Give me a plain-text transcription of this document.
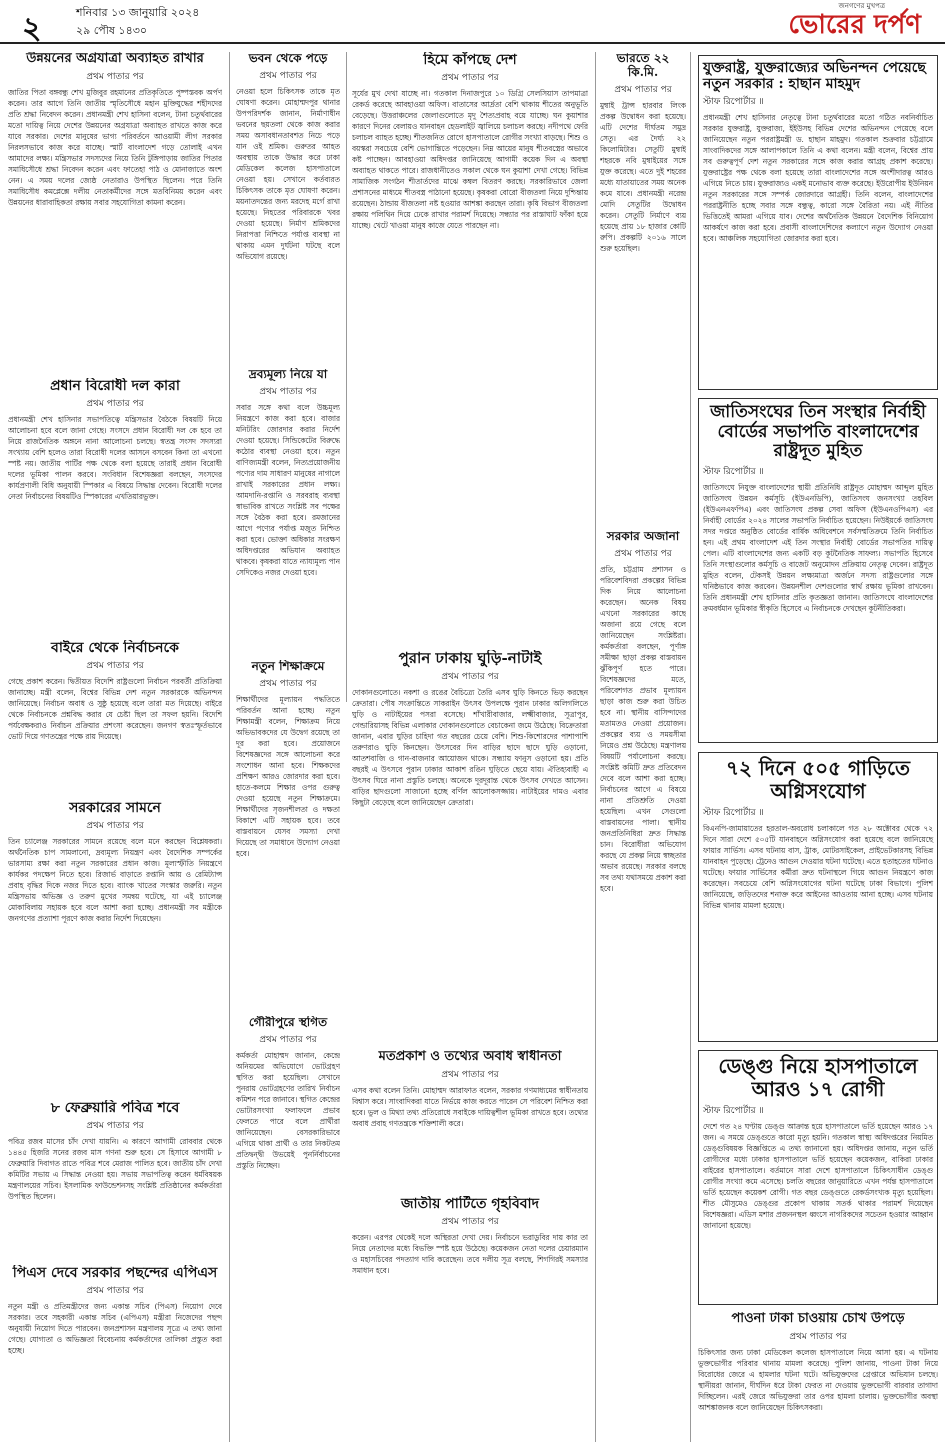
২	শনিবার ১৩ জানুয়ারি ২০২৪
২৯ পৌষ ১৪৩০
জনগণের মুখপত্র
ভোরের দর্পণ
উন্নয়নের অগ্রযাত্রা অব্যাহত রাখার
প্রথম পাতার পর
জাতির পিতা বঙ্গবন্ধু শেখ মুজিবুর রহমানের প্রতিকৃতিতে পুষ্পস্তবক অর্পণ করেন। তার আগে তিনি জাতীয় স্মৃতিসৌধে মহান মুক্তিযুদ্ধের শহীদদের প্রতি শ্রদ্ধা নিবেদন করেন। প্রধানমন্ত্রী শেখ হাসিনা বলেন, টানা চতুর্থবারের মতো দায়িত্ব নিয়ে দেশের উন্নয়নের অগ্রযাত্রা অব্যাহত রাখতে কাজ করে যাবে সরকার। দেশের মানুষের ভাগ্য পরিবর্তনে আওয়ামী লীগ সরকার নিরলসভাবে কাজ করে যাচ্ছে। স্মার্ট বাংলাদেশ গড়ে তোলাই এখন আমাদের লক্ষ্য। মন্ত্রিসভার সদস্যদের নিয়ে তিনি টুঙ্গিপাড়ায় জাতির পিতার সমাধিসৌধে শ্রদ্ধা নিবেদন করেন এবং ফাতেহা পাঠ ও মোনাজাতে অংশ নেন। এ সময় দলের জ্যেষ্ঠ নেতারাও উপস্থিত ছিলেন। পরে তিনি সমাধিসৌধ কমপ্লেক্সে দলীয় নেতাকর্মীদের সঙ্গে মতবিনিময় করেন এবং উন্নয়নের ধারাবাহিকতা রক্ষায় সবার সহযোগিতা কামনা করেন।
প্রধান বিরোধী দল কারা
প্রথম পাতার পর
প্রধানমন্ত্রী শেখ হাসিনার সভাপতিত্বে মন্ত্রিসভার বৈঠকে বিষয়টি নিয়ে আলোচনা হবে বলে জানা গেছে। সংসদে প্রধান বিরোধী দল কে হবে তা নিয়ে রাজনৈতিক অঙ্গনে নানা আলোচনা চলছে। স্বতন্ত্র সংসদ সদস্যরা সংখ্যায় বেশি হলেও তারা বিরোধী দলের আসনে বসবেন কিনা তা এখনো স্পষ্ট নয়। জাতীয় পার্টির পক্ষ থেকে বলা হয়েছে তারাই প্রধান বিরোধী দলের ভূমিকা পালন করবে। সংবিধান বিশেষজ্ঞরা বলছেন, সংসদের কার্যপ্রণালী বিধি অনুযায়ী স্পিকার এ বিষয়ে সিদ্ধান্ত দেবেন। বিরোধী দলের নেতা নির্বাচনের বিষয়টিও স্পিকারের এখতিয়ারভুক্ত।
বাইরে থেকে নির্বাচনকে
প্রথম পাতার পর
গেছে প্রকাশ করেন। দ্বিতীয়ত বিদেশি রাষ্ট্রগুলো নির্বাচন পরবর্তী প্রতিক্রিয়া জানাচ্ছে। মন্ত্রী বলেন, বিশ্বের বিভিন্ন দেশ নতুন সরকারকে অভিনন্দন জানিয়েছে। নির্বাচন অবাধ ও সুষ্ঠু হয়েছে বলে তারা মত দিয়েছে। বাইরে থেকে নির্বাচনকে প্রশ্নবিদ্ধ করার যে চেষ্টা ছিল তা সফল হয়নি। বিদেশি পর্যবেক্ষকরাও নির্বাচন প্রক্রিয়ার প্রশংসা করেছেন। জনগণ স্বতঃস্ফূর্তভাবে ভোট দিয়ে গণতন্ত্রের পক্ষে রায় দিয়েছে।
সরকারের সামনে
প্রথম পাতার পর
তিন চ্যালেঞ্জ সরকারের সামনে রয়েছে বলে মনে করছেন বিশ্লেষকরা। অর্থনৈতিক চাপ সামলানো, দ্রব্যমূল্য নিয়ন্ত্রণ এবং বৈদেশিক সম্পর্কের ভারসাম্য রক্ষা করা নতুন সরকারের প্রধান কাজ। মূল্যস্ফীতি নিয়ন্ত্রণে কার্যকর পদক্ষেপ নিতে হবে। রিজার্ভ বাড়াতে রপ্তানি আয় ও রেমিট্যান্স প্রবাহ বৃদ্ধির দিকে নজর দিতে হবে। ব্যাংক খাতের সংস্কার জরুরি। নতুন মন্ত্রিসভায় অভিজ্ঞ ও তরুণ মুখের সমন্বয় ঘটেছে, যা এই চ্যালেঞ্জ মোকাবিলায় সহায়ক হবে বলে আশা করা হচ্ছে। প্রধানমন্ত্রী সব মন্ত্রীকে জনগণের প্রত্যাশা পূরণে কাজ করার নির্দেশ দিয়েছেন।
৮ ফেব্রুয়ারি পবিত্র শবে
প্রথম পাতার পর
পবিত্র রজব মাসের চাঁদ দেখা যায়নি। এ কারণে আগামী রোববার থেকে ১৪৪৫ হিজরি সনের রজব মাস গণনা শুরু হবে। সে হিসাবে আগামী ৮ ফেব্রুয়ারি দিবাগত রাতে পবিত্র শবে মেরাজ পালিত হবে। জাতীয় চাঁদ দেখা কমিটির সভায় এ সিদ্ধান্ত নেওয়া হয়। সভায় সভাপতিত্ব করেন ধর্মবিষয়ক মন্ত্রণালয়ের সচিব। ইসলামিক ফাউন্ডেশনসহ সংশ্লিষ্ট প্রতিষ্ঠানের কর্মকর্তারা উপস্থিত ছিলেন।
পিএস দেবে সরকার পছন্দের এপিএস
প্রথম পাতার পর
নতুন মন্ত্রী ও প্রতিমন্ত্রীদের জন্য একান্ত সচিব (পিএস) নিয়োগ দেবে সরকার। তবে সহকারী একান্ত সচিব (এপিএস) মন্ত্রীরা নিজেদের পছন্দ অনুযায়ী নিয়োগ দিতে পারবেন। জনপ্রশাসন মন্ত্রণালয় সূত্রে এ তথ্য জানা গেছে। যোগ্যতা ও অভিজ্ঞতা বিবেচনায় কর্মকর্তাদের তালিকা প্রস্তুত করা হচ্ছে।
ভবন থেকে পড়ে
প্রথম পাতার পর
নেওয়া হলে চিকিৎসক তাকে মৃত ঘোষণা করেন। মোহাম্মদপুর থানার উপপরিদর্শক জানান, নির্মাণাধীন ভবনের ছয়তলা থেকে কাজ করার সময় অসাবধানতাবশত নিচে পড়ে যান ওই শ্রমিক। গুরুতর আহত অবস্থায় তাকে উদ্ধার করে ঢাকা মেডিকেল কলেজ হাসপাতালে নেওয়া হয়। সেখানে কর্তব্যরত চিকিৎসক তাকে মৃত ঘোষণা করেন। ময়নাতদন্তের জন্য মরদেহ মর্গে রাখা হয়েছে। নিহতের পরিবারকে খবর দেওয়া হয়েছে। নির্মাণ শ্রমিকদের নিরাপত্তা নিশ্চিতে পর্যাপ্ত ব্যবস্থা না থাকায় এমন দুর্ঘটনা ঘটছে বলে অভিযোগ রয়েছে।
দ্রব্যমূল্য নিয়ে যা
প্রথম পাতার পর
সবার সঙ্গে কথা বলে উচ্চমূল্য নিয়ন্ত্রণে কাজ করা হবে। বাজার মনিটরিং জোরদার করার নির্দেশ দেওয়া হয়েছে। সিন্ডিকেটের বিরুদ্ধে কঠোর ব্যবস্থা নেওয়া হবে। নতুন বাণিজ্যমন্ত্রী বলেন, নিত্যপ্রয়োজনীয় পণ্যের দাম সাধারণ মানুষের নাগালে রাখাই সরকারের প্রধান লক্ষ্য। আমদানি-রপ্তানি ও সরবরাহ ব্যবস্থা স্বাভাবিক রাখতে সংশ্লিষ্ট সব পক্ষের সঙ্গে বৈঠক করা হবে। রমজানের আগে পণ্যের পর্যাপ্ত মজুত নিশ্চিত করা হবে। ভোক্তা অধিকার সংরক্ষণ অধিদপ্তরের অভিযান অব্যাহত থাকবে। কৃষকরা যাতে ন্যায্যমূল্য পান সেদিকেও নজর দেওয়া হবে।
হিমে কাঁপছে দেশ
প্রথম পাতার পর
সূর্যের মুখ দেখা যাচ্ছে না। গতকাল দিনাজপুরে ১০ ডিগ্রি সেলসিয়াস তাপমাত্রা রেকর্ড করেছে আবহাওয়া অফিস। বাতাসের আর্দ্রতা বেশি থাকায় শীতের অনুভূতি বেড়েছে। উত্তরাঞ্চলের জেলাগুলোতে মৃদু শৈত্যপ্রবাহ বয়ে যাচ্ছে। ঘন কুয়াশার কারণে দিনের বেলায়ও যানবাহন হেডলাইট জ্বালিয়ে চলাচল করছে। নদীপথে ফেরি চলাচল ব্যাহত হচ্ছে। শীতজনিত রোগে হাসপাতালে রোগীর সংখ্যা বাড়ছে। শিশু ও বয়স্করা সবচেয়ে বেশি ভোগান্তিতে পড়েছেন। নিম্ন আয়ের মানুষ শীতবস্ত্রের অভাবে কষ্ট পাচ্ছেন। আবহাওয়া অধিদপ্তর জানিয়েছে আগামী কয়েক দিন এ অবস্থা অব্যাহত থাকতে পারে। রাজধানীতেও সকাল থেকে ঘন কুয়াশা দেখা গেছে। বিভিন্ন সামাজিক সংগঠন শীতার্তদের মাঝে কম্বল বিতরণ করছে। সরকারিভাবে জেলা প্রশাসনের মাধ্যমে শীতবস্ত্র পাঠানো হয়েছে। কৃষকরা বোরো বীজতলা নিয়ে দুশ্চিন্তায় রয়েছেন। ঠান্ডায় বীজতলা নষ্ট হওয়ার আশঙ্কা করছেন তারা। কৃষি বিভাগ বীজতলা রক্ষায় পলিথিন দিয়ে ঢেকে রাখার পরামর্শ দিয়েছে। সন্ধ্যার পর রাস্তাঘাট ফাঁকা হয়ে যাচ্ছে। খেটে খাওয়া মানুষ কাজে যেতে পারছেন না।
নতুন শিক্ষাক্রমে
প্রথম পাতার পর
শিক্ষার্থীদের মূল্যায়ন পদ্ধতিতে পরিবর্তন আনা হচ্ছে। নতুন শিক্ষামন্ত্রী বলেন, শিক্ষাক্রম নিয়ে অভিভাবকদের যে উদ্বেগ রয়েছে তা দূর করা হবে। প্রয়োজনে বিশেষজ্ঞদের সঙ্গে আলোচনা করে সংশোধন আনা হবে। শিক্ষকদের প্রশিক্ষণ আরও জোরদার করা হবে। হাতে-কলমে শিক্ষার ওপর গুরুত্ব দেওয়া হয়েছে নতুন শিক্ষাক্রমে। শিক্ষার্থীদের সৃজনশীলতা ও দক্ষতা বিকাশে এটি সহায়ক হবে। তবে বাস্তবায়নে যেসব সমস্যা দেখা দিয়েছে তা সমাধানে উদ্যোগ নেওয়া হবে।
গৌরীপুরে স্থগিত
প্রথম পাতার পর
কর্মকর্তা মোহাম্মদ জানান, কেন্দ্রে অনিয়মের অভিযোগে ভোটগ্রহণ স্থগিত করা হয়েছিল। সেখানে পুনরায় ভোটগ্রহণের তারিখ নির্বাচন কমিশন পরে জানাবে। স্থগিত কেন্দ্রের ভোটারসংখ্যা ফলাফলে প্রভাব ফেলতে পারে বলে প্রার্থীরা জানিয়েছেন। বেসরকারিভাবে এগিয়ে থাকা প্রার্থী ও তার নিকটতম প্রতিদ্বন্দ্বী উভয়েই পুনর্নির্বাচনের প্রস্তুতি নিচ্ছেন।
পুরান ঢাকায় ঘুড়ি-নাটাই
প্রথম পাতার পর
দোকানগুলোতে। নকশা ও রঙের বৈচিত্র্যে তৈরি এসব ঘুড়ি কিনতে ভিড় করছেন ক্রেতারা। পৌষ সংক্রান্তিতে সাকরাইন উৎসব উপলক্ষে পুরান ঢাকার অলিগলিতে ঘুড়ি ও নাটাইয়ের পসরা বসেছে। শাঁখারীবাজার, লক্ষ্মীবাজার, সূত্রাপুর, গেন্ডারিয়াসহ বিভিন্ন এলাকার দোকানগুলোতে বেচাকেনা জমে উঠেছে। বিক্রেতারা জানান, এবার ঘুড়ির চাহিদা গত বছরের চেয়ে বেশি। শিশু-কিশোরদের পাশাপাশি তরুণরাও ঘুড়ি কিনছেন। উৎসবের দিন বাড়ির ছাদে ছাদে ঘুড়ি ওড়ানো, আতশবাজি ও গান-বাজনার আয়োজন থাকে। সন্ধ্যায় ফানুস ওড়ানো হয়। প্রতি বছরই এ উৎসবে পুরান ঢাকার আকাশ রঙিন ঘুড়িতে ছেয়ে যায়। ঐতিহ্যবাহী এ উৎসব ঘিরে নানা প্রস্তুতি চলছে। অনেকে দূরদূরান্ত থেকে উৎসব দেখতে আসেন। বাড়ির ছাদগুলো সাজানো হচ্ছে বর্ণিল আলোকসজ্জায়। নাটাইয়ের দামও এবার কিছুটা বেড়েছে বলে জানিয়েছেন ক্রেতারা।
মতপ্রকাশ ও তথ্যের অবাধ স্বাধীনতা
প্রথম পাতার পর
এসব কথা বলেন তিনি। মোহাম্মদ আরাফাত বলেন, সরকার গণমাধ্যমের স্বাধীনতায় বিশ্বাস করে। সাংবাদিকরা যাতে নির্ভয়ে কাজ করতে পারেন সে পরিবেশ নিশ্চিত করা হবে। ভুল ও মিথ্যা তথ্য প্রতিরোধে সবাইকে দায়িত্বশীল ভূমিকা রাখতে হবে। তথ্যের অবাধ প্রবাহ গণতন্ত্রকে শক্তিশালী করে।
জাতীয় পার্টিতে গৃহবিবাদ
প্রথম পাতার পর
করেন। এরপর থেকেই দলে অস্থিরতা দেখা দেয়। নির্বাচনে ভরাডুবির দায় কার তা নিয়ে নেতাদের মধ্যে বিভক্তি স্পষ্ট হয়ে উঠেছে। কয়েকজন নেতা দলের চেয়ারম্যান ও মহাসচিবের পদত্যাগ দাবি করেছেন। তবে দলীয় সূত্র বলছে, শিগগিরই সমস্যার সমাধান হবে।
ভারতে ২২ কি.মি.
প্রথম পাতার পর
মুম্বাই ট্রান্স হারবার লিংক প্রকল্প উদ্বোধন করা হয়েছে। এটি দেশের দীর্ঘতম সমুদ্র সেতু। এর দৈর্ঘ্য ২২ কিলোমিটার। সেতুটি মুম্বাই শহরকে নবি মুম্বাইয়ের সঙ্গে যুক্ত করেছে। এতে দুই শহরের মধ্যে যাতায়াতের সময় অনেক কমে যাবে। প্রধানমন্ত্রী নরেন্দ্র মোদি সেতুটির উদ্বোধন করেন। সেতুটি নির্মাণে ব্যয় হয়েছে প্রায় ১৮ হাজার কোটি রুপি। প্রকল্পটি ২০১৬ সালে শুরু হয়েছিল।
সরকার অজানা
প্রথম পাতার পর
প্রতি, চট্টগ্রাম প্রশাসন ও পরিবেশবিদরা প্রকল্পের বিভিন্ন দিক নিয়ে আলোচনা করেছেন। অনেক বিষয় এখনো সরকারের কাছে অজানা রয়ে গেছে বলে জানিয়েছেন সংশ্লিষ্টরা। কর্মকর্তারা বলছেন, পূর্ণাঙ্গ সমীক্ষা ছাড়া প্রকল্প বাস্তবায়ন ঝুঁকিপূর্ণ হতে পারে। বিশেষজ্ঞদের মতে, পরিবেশগত প্রভাব মূল্যায়ন ছাড়া কাজ শুরু করা উচিত হবে না। স্থানীয় বাসিন্দাদের মতামতও নেওয়া প্রয়োজন। প্রকল্পের ব্যয় ও সময়সীমা নিয়েও প্রশ্ন উঠেছে। মন্ত্রণালয় বিষয়টি পর্যালোচনা করছে। সংশ্লিষ্ট কমিটি দ্রুত প্রতিবেদন দেবে বলে আশা করা হচ্ছে। নির্বাচনের আগে এ বিষয়ে নানা প্রতিশ্রুতি দেওয়া হয়েছিল। এখন সেগুলো বাস্তবায়নের পালা। স্থানীয় জনপ্রতিনিধিরা দ্রুত সিদ্ধান্ত চান। বিরোধীরা অভিযোগ করছে যে প্রকল্প নিয়ে স্বচ্ছতার অভাব রয়েছে। সরকার বলছে সব তথ্য যথাসময়ে প্রকাশ করা হবে।
যুক্তরাষ্ট্র, যুক্তরাজ্যের অভিনন্দন পেয়েছে নতুন সরকার : হাছান মাহমুদ
স্টাফ রিপোর্টার ॥
প্রধানমন্ত্রী শেখ হাসিনার নেতৃত্বে টানা চতুর্থবারের মতো গঠিত নবনির্বাচিত সরকার যুক্তরাষ্ট্র, যুক্তরাজ্য, ইইউসহ বিভিন্ন দেশের অভিনন্দন পেয়েছে বলে জানিয়েছেন নতুন পররাষ্ট্রমন্ত্রী ড. হাছান মাহমুদ। গতকাল শুক্রবার চট্টগ্রামে সাংবাদিকদের সঙ্গে আলাপকালে তিনি এ কথা বলেন। মন্ত্রী বলেন, বিশ্বের প্রায় সব গুরুত্বপূর্ণ দেশ নতুন সরকারের সঙ্গে কাজ করার আগ্রহ প্রকাশ করেছে। যুক্তরাষ্ট্রের পক্ষ থেকে বলা হয়েছে তারা বাংলাদেশের সঙ্গে অংশীদারত্ব আরও এগিয়ে নিতে চায়। যুক্তরাজ্যও একই মনোভাব ব্যক্ত করেছে। ইউরোপীয় ইউনিয়ন নতুন সরকারের সঙ্গে সম্পর্ক জোরদারে আগ্রহী। তিনি বলেন, বাংলাদেশের পররাষ্ট্রনীতি হচ্ছে সবার সঙ্গে বন্ধুত্ব, কারো সঙ্গে বৈরিতা নয়। এই নীতির ভিত্তিতেই আমরা এগিয়ে যাব। দেশের অর্থনৈতিক উন্নয়নে বৈদেশিক বিনিয়োগ আকর্ষণে কাজ করা হবে। প্রবাসী বাংলাদেশিদের কল্যাণে নতুন উদ্যোগ নেওয়া হবে। আঞ্চলিক সহযোগিতা জোরদার করা হবে।
জাতিসংঘের তিন সংস্থার নির্বাহী বোর্ডের সভাপতি বাংলাদেশের রাষ্ট্রদূত মুহিত
স্টাফ রিপোর্টার ॥
জাতিসংঘে নিযুক্ত বাংলাদেশের স্থায়ী প্রতিনিধি রাষ্ট্রদূত মোহাম্মদ আব্দুল মুহিত জাতিসংঘ উন্নয়ন কর্মসূচি (ইউএনডিপি), জাতিসংঘ জনসংখ্যা তহবিল (ইউএনএফপিএ) এবং জাতিসংঘ প্রকল্প সেবা অফিস (ইউএনওপিএস) এর নির্বাহী বোর্ডের ২০২৪ সালের সভাপতি নির্বাচিত হয়েছেন। নিউইয়র্কে জাতিসংঘ সদর দপ্তরে অনুষ্ঠিত বোর্ডের বার্ষিক অধিবেশনে সর্বসম্মতিক্রমে তিনি নির্বাচিত হন। এই প্রথম বাংলাদেশ এই তিন সংস্থার নির্বাহী বোর্ডের সভাপতির দায়িত্ব পেল। এটি বাংলাদেশের জন্য একটি বড় কূটনৈতিক সাফল্য। সভাপতি হিসেবে তিনি সংস্থাগুলোর কর্মসূচি ও বাজেট অনুমোদন প্রক্রিয়ায় নেতৃত্ব দেবেন। রাষ্ট্রদূত মুহিত বলেন, টেকসই উন্নয়ন লক্ষ্যমাত্রা অর্জনে সদস্য রাষ্ট্রগুলোর সঙ্গে ঘনিষ্ঠভাবে কাজ করবেন। উন্নয়নশীল দেশগুলোর স্বার্থ রক্ষায় ভূমিকা রাখবেন। তিনি প্রধানমন্ত্রী শেখ হাসিনার প্রতি কৃতজ্ঞতা জানান। জাতিসংঘে বাংলাদেশের ক্রমবর্ধমান ভূমিকার স্বীকৃতি হিসেবে এ নির্বাচনকে দেখছেন কূটনীতিকরা।
৭২ দিনে ৫০৫ গাড়িতে অগ্নিসংযোগ
স্টাফ রিপোর্টার ॥
বিএনপি-জামায়াতের হরতাল-অবরোধ চলাকালে গত ২৮ অক্টোবর থেকে ৭২ দিনে সারা দেশে ৫০৫টি যানবাহনে অগ্নিসংযোগ করা হয়েছে বলে জানিয়েছে ফায়ার সার্ভিস। এসব ঘটনায় বাস, ট্রাক, মোটরসাইকেল, প্রাইভেটকারসহ বিভিন্ন যানবাহন পুড়েছে। ট্রেনেও আগুন দেওয়ার ঘটনা ঘটেছে। এতে হতাহতের ঘটনাও ঘটেছে। ফায়ার সার্ভিসের কর্মীরা দ্রুত ঘটনাস্থলে গিয়ে আগুন নিয়ন্ত্রণে কাজ করেছেন। সবচেয়ে বেশি অগ্নিসংযোগের ঘটনা ঘটেছে ঢাকা বিভাগে। পুলিশ জানিয়েছে, জড়িতদের শনাক্ত করে আইনের আওতায় আনা হচ্ছে। এসব ঘটনায় বিভিন্ন থানায় মামলা হয়েছে।
ডেঙ্গু নিয়ে হাসপাতালে আরও ১৭ রোগী
স্টাফ রিপোর্টার ॥
দেশে গত ২৪ ঘণ্টায় ডেঙ্গু আক্রান্ত হয়ে হাসপাতালে ভর্তি হয়েছেন আরও ১৭ জন। এ সময়ে ডেঙ্গুতে কারো মৃত্যু হয়নি। গতকাল স্বাস্থ্য অধিদপ্তরের নিয়মিত ডেঙ্গুবিষয়ক বিজ্ঞপ্তিতে এ তথ্য জানানো হয়। অধিদপ্তর জানায়, নতুন ভর্তি রোগীদের মধ্যে ঢাকার হাসপাতালে ভর্তি হয়েছেন কয়েকজন, বাকিরা ঢাকার বাইরের হাসপাতালে। বর্তমানে সারা দেশে হাসপাতালে চিকিৎসাধীন ডেঙ্গু রোগীর সংখ্যা কমে এসেছে। চলতি বছরের জানুয়ারিতে এখন পর্যন্ত হাসপাতালে ভর্তি হয়েছেন কয়েকশ রোগী। গত বছর ডেঙ্গুতে রেকর্ডসংখ্যক মৃত্যু হয়েছিল। শীত মৌসুমেও ডেঙ্গুর প্রকোপ থাকায় সতর্ক থাকার পরামর্শ দিয়েছেন বিশেষজ্ঞরা। এডিস মশার প্রজননস্থল ধ্বংসে নাগরিকদের সচেতন হওয়ার আহ্বান জানানো হয়েছে।
পাওনা টাকা চাওয়ায় চোখ উপড়ে
প্রথম পাতার পর
চিকিৎসার জন্য ঢাকা মেডিকেল কলেজ হাসপাতালে নিয়ে আসা হয়। এ ঘটনায় ভুক্তভোগীর পরিবার থানায় মামলা করেছে। পুলিশ জানায়, পাওনা টাকা নিয়ে বিরোধের জেরে এ হামলার ঘটনা ঘটে। অভিযুক্তদের গ্রেপ্তারে অভিযান চলছে। স্থানীয়রা জানান, দীর্ঘদিন ধরে টাকা ফেরত না দেওয়ায় ভুক্তভোগী বারবার তাগাদা দিচ্ছিলেন। এরই জেরে অভিযুক্তরা তার ওপর হামলা চালায়। ভুক্তভোগীর অবস্থা আশঙ্কাজনক বলে জানিয়েছেন চিকিৎসকরা।
